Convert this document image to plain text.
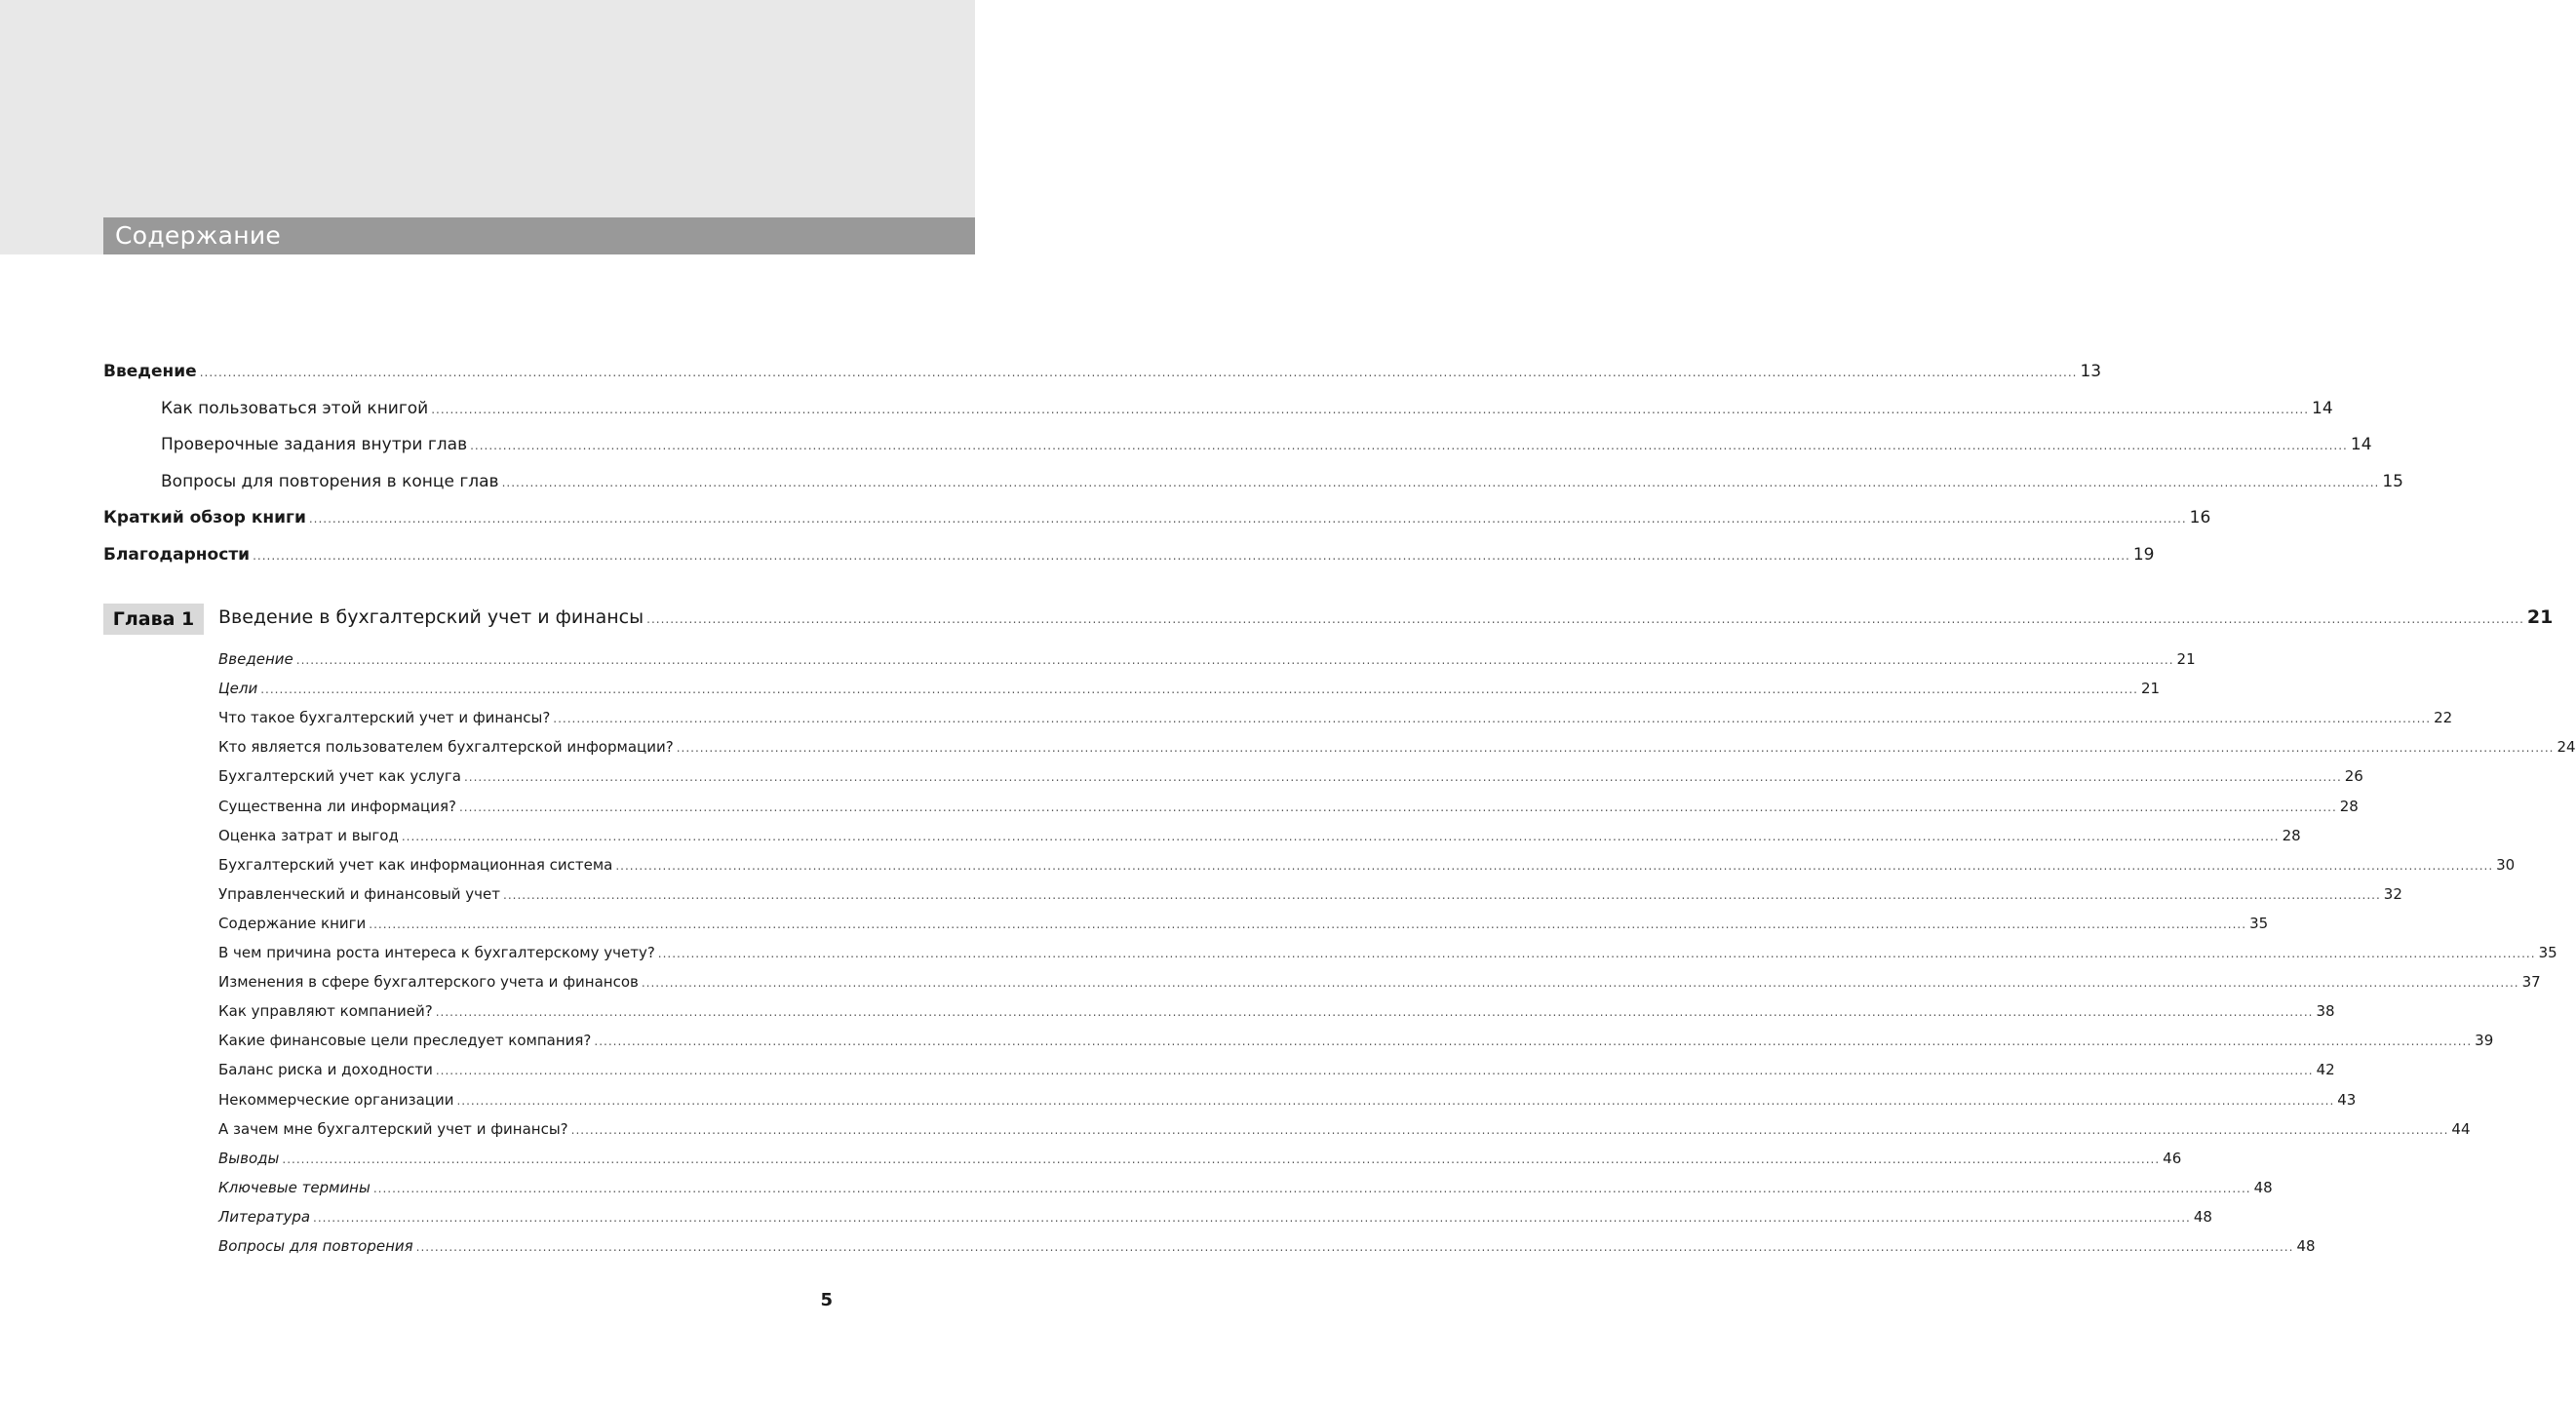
Содержание
Введение ................................................................................................................................................................................................................................................................................................................................................................................................................ 13
Как пользоваться этой книгой ................................................................................................................................................................................................................................................................................................................................................................................................................ 14
Проверочные задания внутри глав ................................................................................................................................................................................................................................................................................................................................................................................................................ 14
Вопросы для повторения в конце глав ................................................................................................................................................................................................................................................................................................................................................................................................................ 15
Краткий обзор книги ................................................................................................................................................................................................................................................................................................................................................................................................................ 16
Благодарности ................................................................................................................................................................................................................................................................................................................................................................................................................ 19
Глава 1	Введение в бухгалтерский учет и финансы ................................................................................................................................................................................................................................................................................................................................................................................................................ 21
Введение ................................................................................................................................................................................................................................................................................................................................................................................................................ 21
Цели ................................................................................................................................................................................................................................................................................................................................................................................................................ 21
Что такое бухгалтерский учет и финансы? ................................................................................................................................................................................................................................................................................................................................................................................................................ 22
Кто является пользователем бухгалтерской информации? ................................................................................................................................................................................................................................................................................................................................................................................................................ 24
Бухгалтерский учет как услуга ................................................................................................................................................................................................................................................................................................................................................................................................................ 26
Существенна ли информация? ................................................................................................................................................................................................................................................................................................................................................................................................................ 28
Оценка затрат и выгод ................................................................................................................................................................................................................................................................................................................................................................................................................ 28
Бухгалтерский учет как информационная система ................................................................................................................................................................................................................................................................................................................................................................................................................ 30
Управленческий и финансовый учет ................................................................................................................................................................................................................................................................................................................................................................................................................ 32
Содержание книги ................................................................................................................................................................................................................................................................................................................................................................................................................ 35
В чем причина роста интереса к бухгалтерскому учету? ................................................................................................................................................................................................................................................................................................................................................................................................................ 35
Изменения в сфере бухгалтерского учета и финансов ................................................................................................................................................................................................................................................................................................................................................................................................................ 37
Как управляют компанией? ................................................................................................................................................................................................................................................................................................................................................................................................................ 38
Какие финансовые цели преследует компания? ................................................................................................................................................................................................................................................................................................................................................................................................................ 39
Баланс риска и доходности ................................................................................................................................................................................................................................................................................................................................................................................................................ 42
Некоммерческие организации ................................................................................................................................................................................................................................................................................................................................................................................................................ 43
А зачем мне бухгалтерский учет и финансы? ................................................................................................................................................................................................................................................................................................................................................................................................................ 44
Выводы ................................................................................................................................................................................................................................................................................................................................................................................................................ 46
Ключевые термины ................................................................................................................................................................................................................................................................................................................................................................................................................ 48
Литература ................................................................................................................................................................................................................................................................................................................................................................................................................ 48
Вопросы для повторения ................................................................................................................................................................................................................................................................................................................................................................................................................ 48
5
